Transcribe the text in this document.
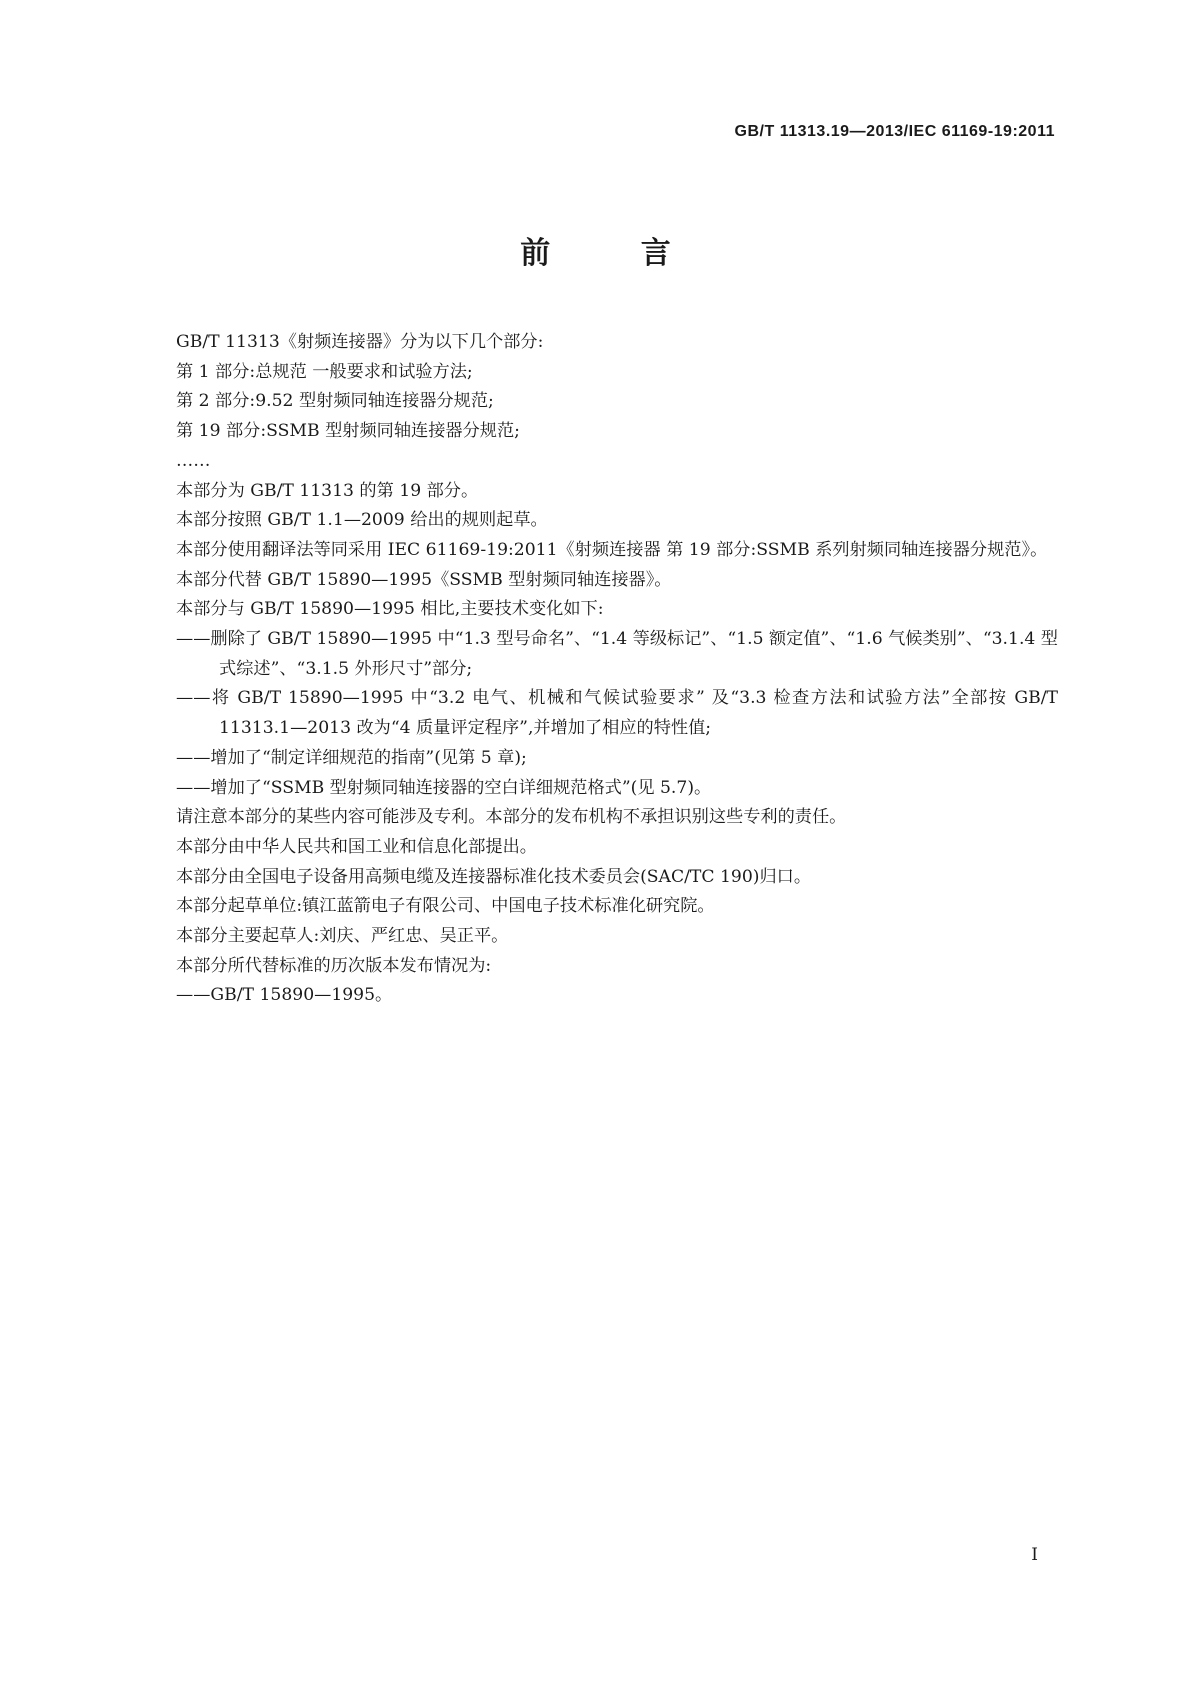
GB/T 11313.19—2013/IEC 61169-19:2011
前 言

GB/T 11313《射频连接器》分为以下几个部分:

第 1 部分:总规范 一般要求和试验方法;

第 2 部分:9.52 型射频同轴连接器分规范;

第 19 部分:SSMB 型射频同轴连接器分规范;

……

本部分为 GB/T 11313 的第 19 部分。

本部分按照 GB/T 1.1—2009 给出的规则起草。

本部分使用翻译法等同采用 IEC 61169-19:2011《射频连接器 第 19 部分:SSMB 系列射频同轴连接器分规范》。

本部分代替 GB/T 15890—1995《SSMB 型射频同轴连接器》。

本部分与 GB/T 15890—1995 相比,主要技术变化如下:

——删除了 GB/T 15890—1995 中“1.3 型号命名”、“1.4 等级标记”、“1.5 额定值”、“1.6 气候类别”、“3.1.4 型式综述”、“3.1.5 外形尺寸”部分;

——将 GB/T 15890—1995 中“3.2 电气、机械和气候试验要求” 及“3.3 检查方法和试验方法”全部按 GB/T 11313.1—2013 改为“4 质量评定程序”,并增加了相应的特性值;

——增加了“制定详细规范的指南”(见第 5 章);

——增加了“SSMB 型射频同轴连接器的空白详细规范格式”(见 5.7)。

请注意本部分的某些内容可能涉及专利。本部分的发布机构不承担识别这些专利的责任。

本部分由中华人民共和国工业和信息化部提出。

本部分由全国电子设备用高频电缆及连接器标准化技术委员会(SAC/TC 190)归口。

本部分起草单位:镇江蓝箭电子有限公司、中国电子技术标准化研究院。

本部分主要起草人:刘庆、严红忠、吴正平。

本部分所代替标准的历次版本发布情况为:

——GB/T 15890—1995。

I
